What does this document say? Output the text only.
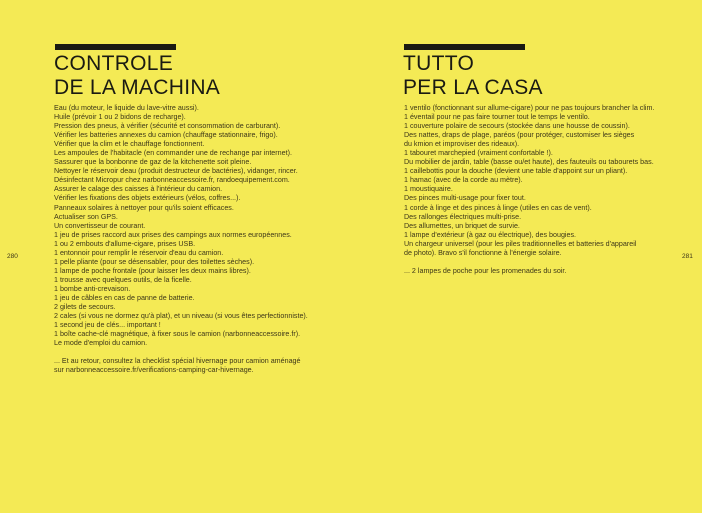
CONTROLE
DE LA MACHINA
Eau (du moteur, le liquide du lave-vitre aussi).
Huile (prévoir 1 ou 2 bidons de recharge).
Pression des pneus, à vérifier (sécurité et consommation de carburant).
Vérifier les batteries annexes du camion (chauffage stationnaire, frigo).
Vérifier que la clim et le chauffage fonctionnent.
Les ampoules de l'habitacle (en commander une de rechange par internet).
Sassurer que la bonbonne de gaz de la kitchenette soit pleine.
Nettoyer le réservoir deau (produit destructeur de bactéries), vidanger, rincer.
Désinfectant Micropur chez narbonneaccessoire.fr, randoequipement.com.
Assurer le calage des caisses à l'intérieur du camion.
Vérifier les fixations des objets extérieurs (vélos, coffres...).
Panneaux solaires à nettoyer pour qu'ils soient efficaces.
Actualiser son GPS.
Un convertisseur de courant.
1 jeu de prises raccord aux prises des campings aux normes européennes.
1 ou 2 embouts d'allume-cigare, prises USB.
1 entonnoir pour remplir le réservoir d'eau du camion.
1 pelle pliante (pour se désensabler, pour des toilettes sèches).
1 lampe de poche frontale (pour laisser les deux mains libres).
1 trousse avec quelques outils, de la ficelle.
1 bombe anti-crevaison.
1 jeu de câbles en cas de panne de batterie.
2 gilets de secours.
2 cales (si vous ne dormez qu'à plat), et un niveau (si vous êtes perfectionniste).
1 second jeu de clés... important !
1 boîte cache-clé magnétique, à fixer sous le camion (narbonneaccessoire.fr).
Le mode d'emploi du camion.
... Et au retour, consultez la checklist spécial hivernage pour camion aménagé
sur narbonneaccessoire.fr/verifications-camping-car-hivernage.
280
TUTTO
PER LA CASA
1 ventilo (fonctionnant sur allume-cigare) pour ne pas toujours brancher la clim.
1 éventail pour ne pas faire tourner tout le temps le ventilo.
1 couverture polaire de secours (stockée dans une housse de coussin).
Des nattes, draps de plage, paréos (pour protéger, customiser les sièges
du kmion et improviser des rideaux).
1 tabouret marchepied (vraiment confortable !).
Du mobilier de jardin, table (basse ou/et haute), des fauteuils ou tabourets bas.
1 caillebottis pour la douche (devient une table d'appoint sur un pliant).
1 hamac (avec de la corde au mètre).
1 moustiquaire.
Des pinces multi-usage pour fixer tout.
1 corde à linge et des pinces à linge (utiles en cas de vent).
Des rallonges électriques multi-prise.
Des allumettes, un briquet de survie.
1 lampe d'extérieur (à gaz ou électrique), des bougies.
Un chargeur universel (pour les piles traditionnelles et batteries d'appareil
de photo). Bravo s'il fonctionne à l'énergie solaire.
... 2 lampes de poche pour les promenades du soir.
281
